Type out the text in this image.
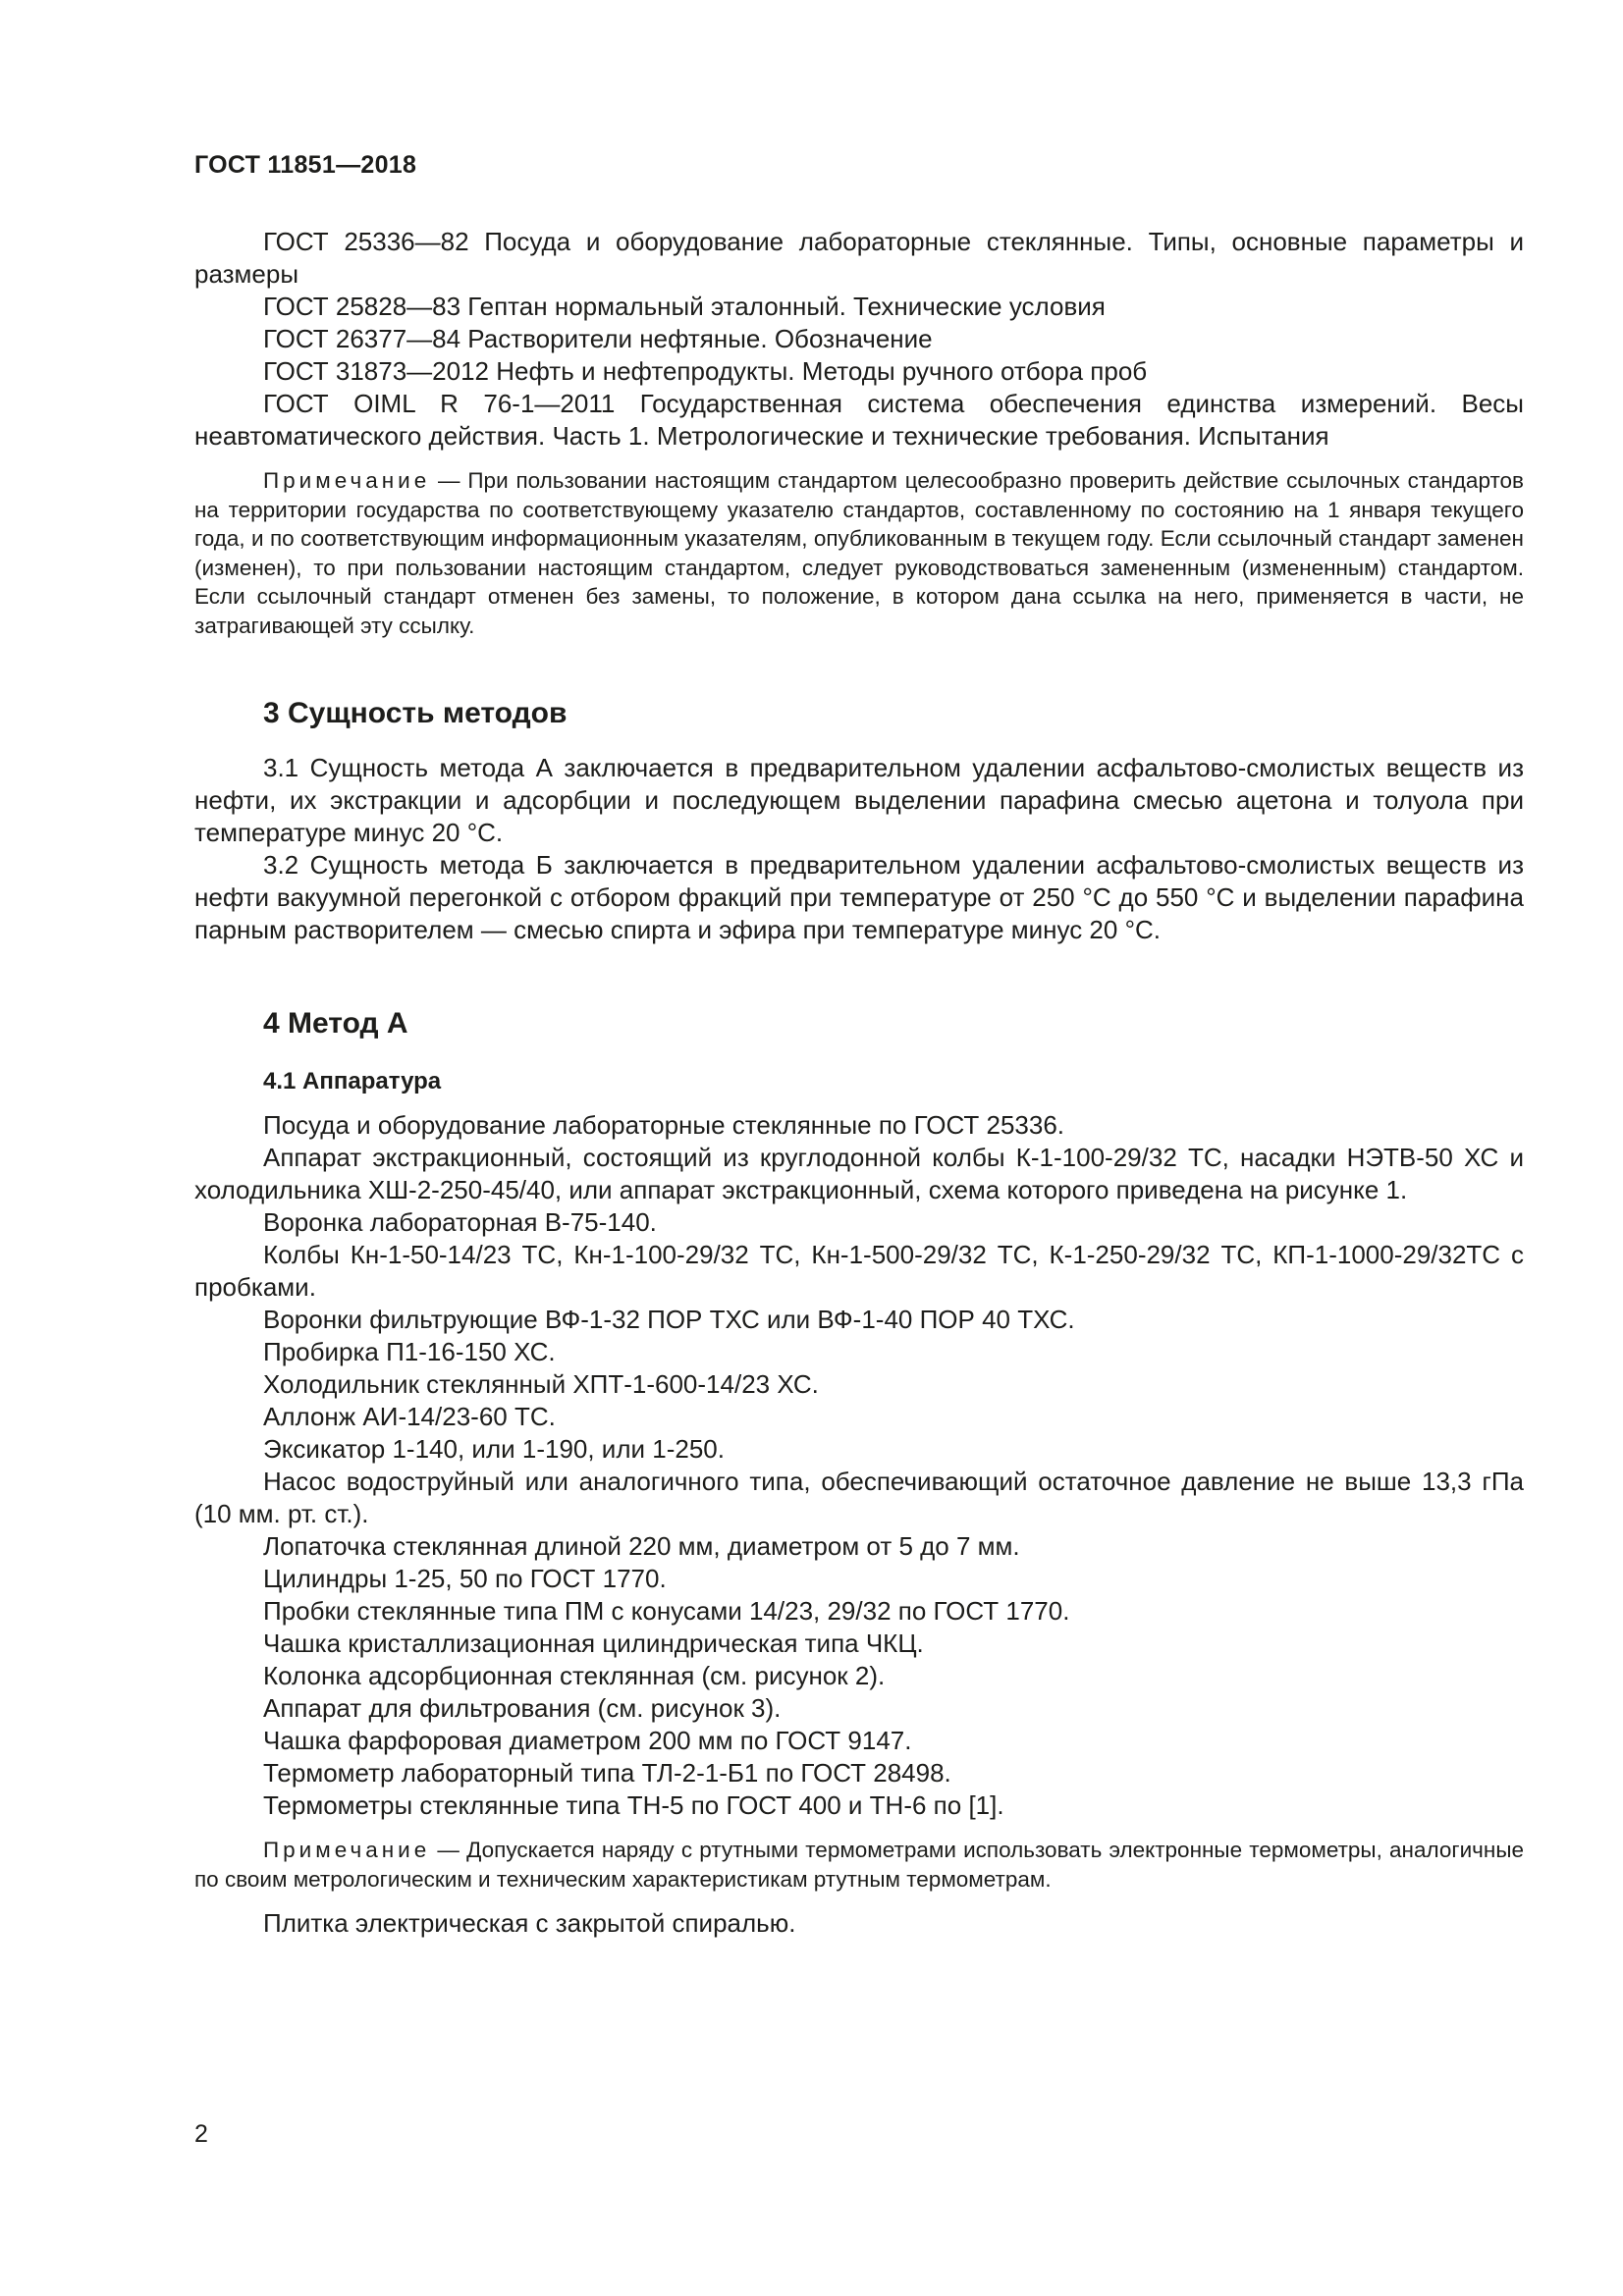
ГОСТ 11851—2018

ГОСТ 25336—82 Посуда и оборудование лабораторные стеклянные. Типы, основные параметры и размеры

ГОСТ 25828—83 Гептан нормальный эталонный. Технические условия

ГОСТ 26377—84 Растворители нефтяные. Обозначение

ГОСТ 31873—2012 Нефть и нефтепродукты. Методы ручного отбора проб

ГОСТ OIML R 76-1—2011 Государственная система обеспечения единства измерений. Весы неавтоматического действия. Часть 1. Метрологические и технические требования. Испытания

Примечание — При пользовании настоящим стандартом целесообразно проверить действие ссылочных стандартов на территории государства по соответствующему указателю стандартов, составленному по состоянию на 1 января текущего года, и по соответствующим информационным указателям, опубликованным в текущем году. Если ссылочный стандарт заменен (изменен), то при пользовании настоящим стандартом, следует руководствоваться замененным (измененным) стандартом. Если ссылочный стандарт отменен без замены, то положение, в котором дана ссылка на него, применяется в части, не затрагивающей эту ссылку.

3 Сущность методов

3.1 Сущность метода А заключается в предварительном удалении асфальтово-смолистых веществ из нефти, их экстракции и адсорбции и последующем выделении парафина смесью ацетона и толуола при температуре минус 20 °С.

3.2 Сущность метода Б заключается в предварительном удалении асфальтово-смолистых веществ из нефти вакуумной перегонкой с отбором фракций при температуре от 250 °С до 550 °С и выделении парафина парным растворителем — смесью спирта и эфира при температуре минус 20 °С.

4 Метод А
4.1 Аппаратура

Посуда и оборудование лабораторные стеклянные по ГОСТ 25336.

Аппарат экстракционный, состоящий из круглодонной колбы К-1-100-29/32 ТС, насадки НЭТВ-50 ХС и холодильника ХШ-2-250-45/40, или аппарат экстракционный, схема которого приведена на рисунке 1.

Воронка лабораторная В-75-140.

Колбы Кн-1-50-14/23 ТС, Кн-1-100-29/32 ТС, Кн-1-500-29/32 ТС, К-1-250-29/32 ТС, КП-1-1000-29/32ТС с пробками.

Воронки фильтрующие ВФ-1-32 ПОР ТХС или ВФ-1-40 ПОР 40 ТХС.

Пробирка П1-16-150 ХС.

Холодильник стеклянный ХПТ-1-600-14/23 ХС.

Аллонж АИ-14/23-60 ТС.

Эксикатор 1-140, или 1-190, или 1-250.

Насос водоструйный или аналогичного типа, обеспечивающий остаточное давление не выше 13,3 гПа (10 мм. рт. ст.).

Лопаточка стеклянная длиной 220 мм, диаметром от 5 до 7 мм.

Цилиндры 1-25, 50 по ГОСТ 1770.

Пробки стеклянные типа ПМ с конусами 14/23, 29/32 по ГОСТ 1770.

Чашка кристаллизационная цилиндрическая типа ЧКЦ.

Колонка адсорбционная стеклянная (см. рисунок 2).

Аппарат для фильтрования (см. рисунок 3).

Чашка фарфоровая диаметром 200 мм по ГОСТ 9147.

Термометр лабораторный типа ТЛ-2-1-Б1 по ГОСТ 28498.

Термометры стеклянные типа ТН-5 по ГОСТ 400 и ТН-6 по [1].

Примечание — Допускается наряду с ртутными термометрами использовать электронные термометры, аналогичные по своим метрологическим и техническим характеристикам ртутным термометрам.

Плитка электрическая с закрытой спиралью.

2
